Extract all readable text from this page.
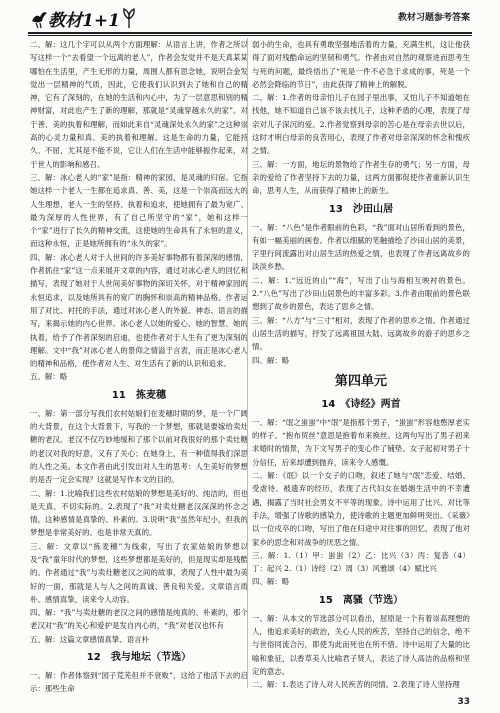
教材1+1	教材习题参考答案

二、解：这几个字可以从两个方面理解：从语言上讲，作者之所以写这样一个“去看望一个远离的老人”，作者会发觉并不是天真某某哪怕在生活里，产生无形的力量，周围人都有思念她，说明合金发觉出一层精神的气质，因此，它使我们认识到去了她和自己的精神，它有了深刻的，在她的生活和内心中，为了一层意思和别的精神财富，对此也产生了新的理解，那就是“灵魂穿越永久的家”。对于善、美的执着和理解，而如此来自“灵魂深处永久的家”之这种崇高的心灵力量和真、美的执着和理解。这是生命的力量，它能持久、不屈，尤其是不能不说，它让人们在生活中能够振作起来，对于世人的影响和感召。

三、解：冰心老人的“家”是指：精神的家园，是灵魂的归宿。它指她这样一个老人一生都在追求真、善、美，这是一个崇高而远大的人生理想，老人一生的坚持、执着和追求，使她拥有了最为宽广、最为深厚的人性世界，有了自己所坚守的“家”，她和这样一个“家”进行了长久的精神交流，这使她的生命具有了永恒的意义，而这种永恒，正是她所拥有的“永久的家”。

四、解：冰心老人对于人世间的许多美好事物都有着深深的感情，作者抓住“家”这一点来展开文章的内容，通过对冰心老人的回忆和描写，表现了她对于人世间美好事物的深切关怀，对于精神家园的永恒追求，以及她所具有的宽广的胸怀和崇高的精神品格。作者运用了对比、衬托的手法，通过对冰心老人的外貌、神态、语言的描写，来揭示她的内心世界。冰心老人以她的爱心、她的智慧、她的执着，给予了作者深刻的启迪，也使作者对于人生有了更为深刻的理解。文中“我”对冰心老人的景仰之情溢于言表，而正是冰心老人的精神和品格，使作者对人生、对生活有了新的认识和追求。

五、解：略

11　拣麦穗

一、解：第一部分写我们农村姑娘们在麦穗时期的梦，是一个广阔的大背景，在这个大背景下，写我的一个梦想，那就是要嫁给卖灶糖的老汉。老汉不仅巧妙地缓和了那个以前对我很好的那个卖灶糖的老汉对我的好意，又有了关心；在她身上，有一种值得我们深思的人性之美。本文作者由此引发出对人生的思考：人生美好的梦想的是否一定会实现？这就是写作本文的目的。

二、解：1.比喻我们这些农村姑娘的梦想是美好的、纯洁的，但也是天真、不切实际的。2.表现了“我”对卖灶糖老汉深深的怀念之情。这种感情是真挚的、朴素的。3.说明“我”虽然年纪小，但我的梦想是非常美好的、也是非常天真的。

三、解：文章以“拣麦穗”为线索，写出了农家姑娘的梦想以及“我”童年时代的梦想，这些梦想都是美好的，但是现实却是残酷的。作者通过“我”与卖灶糖老汉之间的故事，表现了人性中最为美好的一面，那就是人与人之间的真诚、善良和关爱。文章语言质朴、感情真挚，读来令人动容。

四、解：“我”与卖灶糖的老汉之间的感情是纯真的、朴素的，那个老汉对“我”的关心和爱护是发自内心的，“我”对老汉也怀有

五、解：这篇文章感情真挚、语言朴

12　我与地坛（节选）

一、解：作者体察到“园子荒芜但并不衰败”，这给了他活下去的启示：那些生命

弱小的生命，也具有勇敢坚强地活着的力量，充满生机，这让他获得了面对残酷命运的坚韧和勇气。作者由对自然的观察进而思考生与死的问题，最终悟出了“死是一件不必急于求成的事，死是一个必然会降临的节日”，由此获得了精神上的解脱。

二、解：1.作者的母亲怕儿子在园子里出事，又怕儿子不知道她在找他，她不知道自己该不该去找儿子，这种矛盾的心理，表现了母亲对儿子深沉的爱。2.作者觉察到母亲的苦心是在母亲去世以后，这时才明白母亲的良苦用心，表现了作者对母亲深深的怀念和愧疚之情。

三、解：一方面，地坛的景物给了作者生存的勇气；另一方面，母亲的爱给了作者坚持下去的力量，这两方面都促使作者重新认识生命，思考人生，从而获得了精神上的新生。

13　沙田山居

一、解：“八色”是作者眼前的色彩，“我”面对山居所看到的景色，有如一幅美丽的画卷。作者以细腻的笔触描绘了沙田山居的美景，字里行间流露出对山居生活的热爱之情，也表现了作者远离故乡的淡淡乡愁。

二、解：1.“远近的山”“海”，写出了山与海相互映衬的景色。2.“八色”写出了沙田山居景色的丰富多彩。3.作者由眼前的景色联想到了故乡的景色，表达了思乡之情。

三、解：“八方”与“三寸”相对，表现了作者的思乡之情。作者通过山居生活的描写，抒发了远离祖国大陆、远离故乡的游子的思乡之情。

四、解：略

第四单元
14　《诗经》两首

一、解：“氓之蚩蚩”中“氓”是指那个男子，“蚩蚩”形容他憨厚老实的样子。“抱布贸丝”意思是抱着布来换丝。这两句写出了男子初来求婚时的情景，为下文写男子的变心作了铺垫。女子起初对男子十分信任，后来却遭到抛弃，读来令人感慨。

二、解：《氓》以一个女子的口吻，叙述了她与“氓”恋爱、结婚、受虐待、被遗弃的经历，表现了古代妇女在婚姻生活中的不幸遭遇，揭露了当时社会男女不平等的现象。诗中运用了比兴、对比等手法，增强了诗歌的感染力，使诗歌的主题更加鲜明突出。《采薇》以一位戍卒的口吻，写出了他在归途中对往事的回忆，表现了他对家乡的思念和对战争的厌恶之情。

三、解：1.（1）甲：蚩蚩（2）乙：比兴（3）丙：复沓（4）丁：起兴 2.（1）诗经（2）周（3）风雅颂（4）赋比兴

四、解：略

15　离骚（节选）

一、解：从本文的节选部分可以看出，屈原是一个有着崇高理想的人，他追求美好的政治，关心人民的疾苦，坚持自己的信念，绝不与世俗同流合污，即使为此而死也在所不惜。诗中运用了大量的比喻和象征，以香草美人比喻君子贤人，表达了诗人高洁的品格和坚定的意志。

二、解：1.表达了诗人对人民疾苦的同情。2.表现了诗人坚持理

33
